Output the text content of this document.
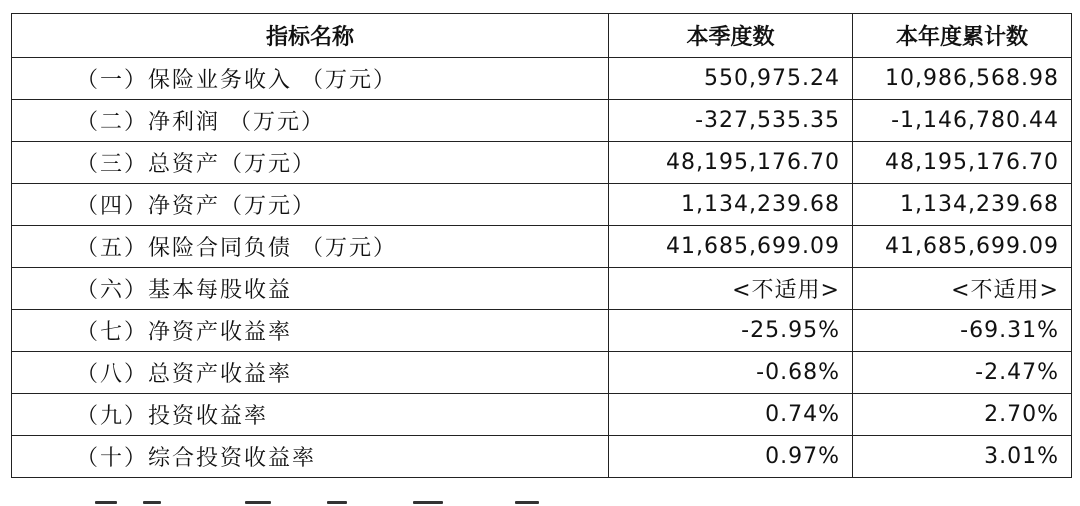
指标名称	本季度数	本年度累计数
（一）保险业务收入 （万元）	550,975.24	10,986,568.98
（二）净利润 （万元）	-327,535.35	-1,146,780.44
（三）总资产（万元）	48,195,176.70	48,195,176.70
（四）净资产（万元）	1,134,239.68	1,134,239.68
（五）保险合同负债 （万元）	41,685,699.09	41,685,699.09
（六）基本每股收益	<不适用>	<不适用>
（七）净资产收益率	-25.95%	-69.31%
（八）总资产收益率	-0.68%	-2.47%
（九）投资收益率	0.74%	2.70%
（十）综合投资收益率	0.97%	3.01%
